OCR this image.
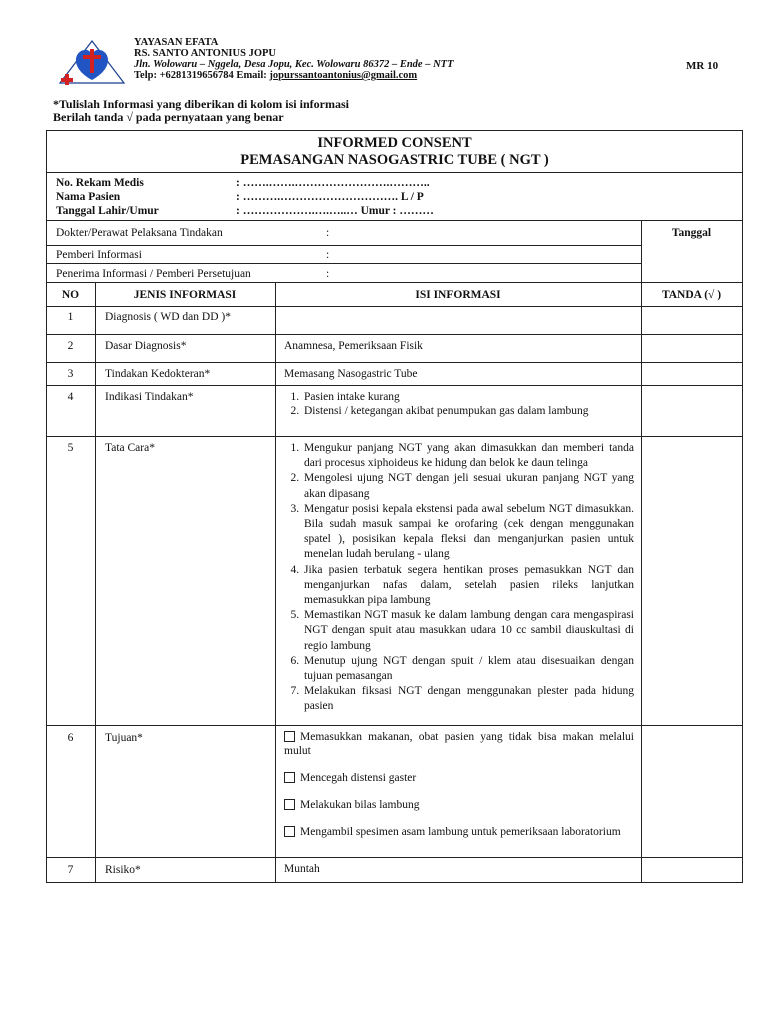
YAYASAN EFATA
RS. SANTO ANTONIUS JOPU
Jln. Wolowaru – Nggela, Desa Jopu, Kec. Wolowaru 86372 – Ende – NTT
Telp: +6281319656784 Email: jopurssantoantonius@gmail.com
MR 10
*Tulislah Informasi yang diberikan di kolom isi informasi
Berilah tanda √ pada pernyataan yang benar
INFORMED CONSENT
PEMASANGAN NASOGASTRIC TUBE ( NGT )
No. Rekam Medis	: …….…….…………………….………..
Nama Pasien	: ……….…………………………. L / P
Tanggal Lahir/Umur	: ……………….….…..… Umur : ………
Dokter/Perawat Pelaksana Tindakan	:
Pemberi Informasi	:
Penerima Informasi / Pemberi Persetujuan	:
Tanggal
NO	JENIS INFORMASI	ISI INFORMASI	TANDA (√ )
1	Diagnosis ( WD dan DD )*
2	Dasar Diagnosis*	Anamnesa, Pemeriksaan Fisik
3	Tindakan Kedokteran*	Memasang Nasogastric Tube
4	Indikasi Tindakan*	1. Pasien intake kurang
2. Distensi / ketegangan akibat penumpukan gas dalam lambung
5	Tata Cara*	1. Mengukur panjang NGT yang akan dimasukkan dan memberi tanda dari procesus xiphoideus ke hidung dan belok ke daun telinga
2. Mengolesi ujung NGT dengan jeli sesuai ukuran panjang NGT yang akan dipasang
3. Mengatur posisi kepala ekstensi pada awal sebelum NGT dimasukkan. Bila sudah masuk sampai ke orofaring (cek dengan menggunakan spatel ), posisikan kepala fleksi dan menganjurkan pasien untuk menelan ludah berulang - ulang
4. Jika pasien terbatuk segera hentikan proses pemasukkan NGT dan menganjurkan nafas dalam, setelah pasien rileks lanjutkan memasukkan pipa lambung
5. Memastikan NGT masuk ke dalam lambung dengan cara mengaspirasi NGT dengan spuit atau masukkan udara 10 cc sambil diauskultasi di regio lambung
6. Menutup ujung NGT dengan spuit / klem atau disesuaikan dengan tujuan pemasangan
7. Melakukan fiksasi NGT dengan menggunakan plester pada hidung pasien
6	Tujuan*	Memasukkan makanan, obat pasien yang tidak bisa makan melalui mulut
Mencegah distensi gaster
Melakukan bilas lambung
Mengambil spesimen asam lambung untuk pemeriksaan laboratorium
7	Risiko*	Muntah
